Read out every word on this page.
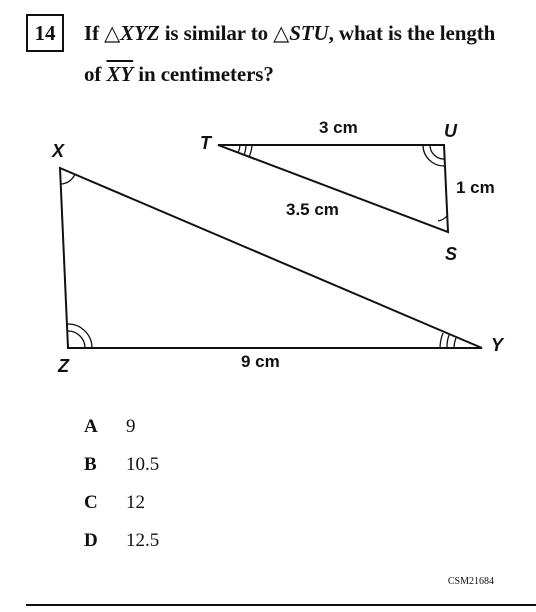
14	If △XYZ is similar to △STU, what is the length
of $\overline{XY}$ in centimeters?
X
Y
Z
T
U
S
9 cm
3 cm
1 cm
3.5 cm
A 9
B 10.5
C 12
D 12.5
CSM21684
